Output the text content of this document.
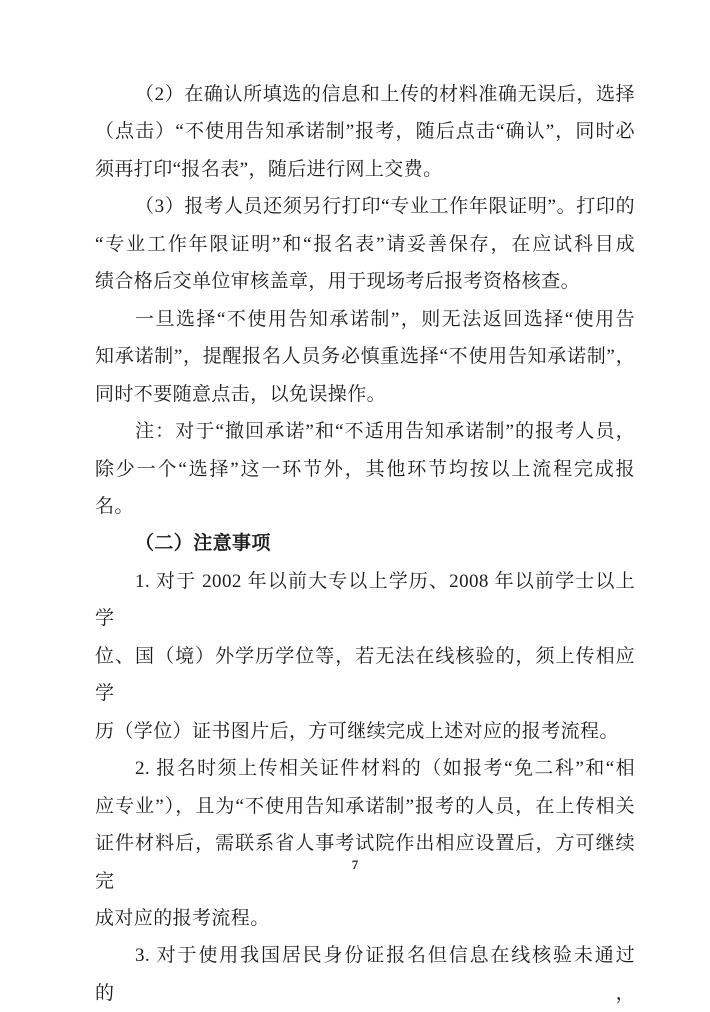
（2）在确认所填选的信息和上传的材料准确无误后，选择
（点击）“不使用告知承诺制”报考，随后点击“确认”，同时必
须再打印“报名表”，随后进行网上交费。
（3）报考人员还须另行打印“专业工作年限证明”。打印的
“专业工作年限证明”和“报名表”请妥善保存，在应试科目成
绩合格后交单位审核盖章，用于现场考后报考资格核查。
一旦选择“不使用告知承诺制”，则无法返回选择“使用告
知承诺制”，提醒报名人员务必慎重选择“不使用告知承诺制”，
同时不要随意点击，以免误操作。
注：对于“撤回承诺”和“不适用告知承诺制”的报考人员，
除少一个“选择”这一环节外，其他环节均按以上流程完成报名。
（二）注意事项
1. 对于 2002 年以前大专以上学历、2008 年以前学士以上学
位、国（境）外学历学位等，若无法在线核验的，须上传相应学
历（学位）证书图片后，方可继续完成上述对应的报考流程。
2. 报名时须上传相关证件材料的（如报考“免二科”和“相
应专业”），且为“不使用告知承诺制”报考的人员，在上传相关
证件材料后，需联系省人事考试院作出相应设置后，方可继续完
成对应的报考流程。
3. 对于使用我国居民身份证报名但信息在线核验未通过的，
7
